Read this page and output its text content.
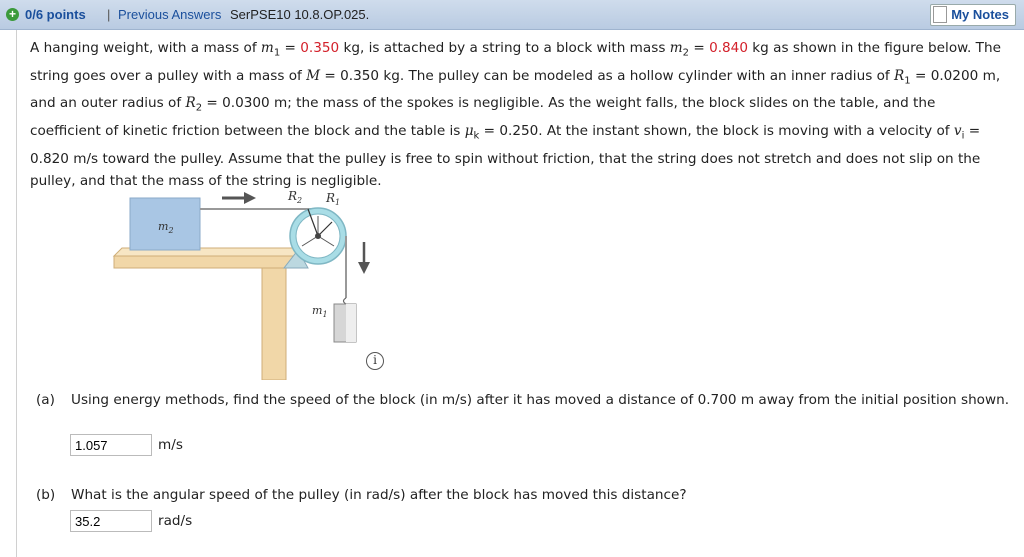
+ 0/6 points | Previous Answers SerPSE10 10.8.OP.025.	My Notes
A hanging weight, with a mass of $m_1 = 0.350$ kg, is attached by a string to a block with mass $m_2 = 0.840$ kg as shown in the figure below. The string goes over a pulley with a mass of M = 0.350 kg. The pulley can be modeled as a hollow cylinder with an inner radius of $R_1 = 0.0200$ m, and an outer radius of $R_2 = 0.0300$ m; the mass of the spokes is negligible. As the weight falls, the block slides on the table, and the coefficient of kinetic friction between the block and the table is $\mu_k = 0.250$. At the instant shown, the block is moving with a velocity of $v_i = 0.820$ m/s toward the pulley. Assume that the pulley is free to spin without friction, that the string does not stretch and does not slip on the pulley, and that the mass of the string is negligible.
$m_2$
$m_1$
$R_2$ $R_1$
i
(a) Using energy methods, find the speed of the block (in m/s) after it has moved a distance of 0.700 m away from the initial position shown.
1.057
m/s
(b) What is the angular speed of the pulley (in rad/s) after the block has moved this distance?
35.2
rad/s
